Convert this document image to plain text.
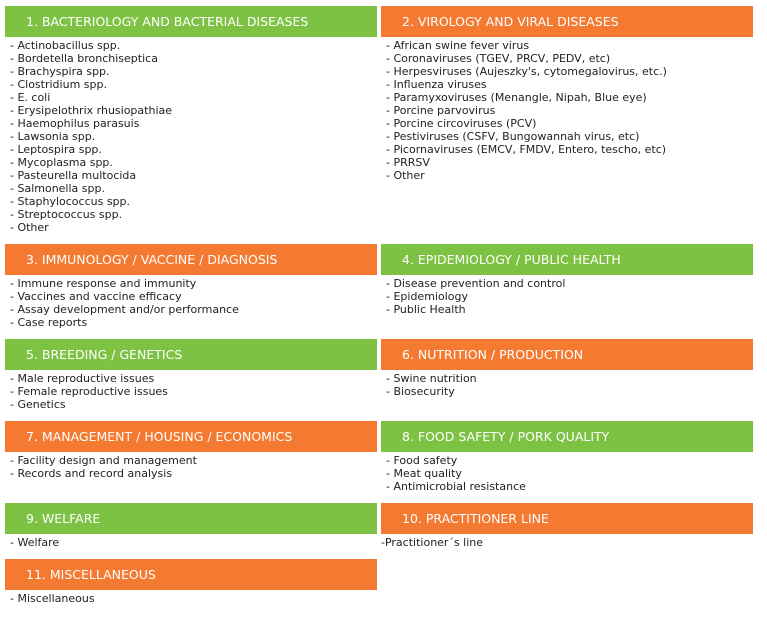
1. BACTERIOLOGY AND BACTERIAL DISEASES
- Actinobacillus spp.
- Bordetella bronchiseptica
- Brachyspira spp.
- Clostridium spp.
- E. coli
- Erysipelothrix rhusiopathiae
- Haemophilus parasuis
- Lawsonia spp.
- Leptospira spp.
- Mycoplasma spp.
- Pasteurella multocida
- Salmonella spp.
- Staphylococcus spp.
- Streptococcus spp.
- Other
2. VIROLOGY AND VIRAL DISEASES
- African swine fever virus
- Coronaviruses (TGEV, PRCV, PEDV, etc)
- Herpesviruses (Aujeszky's, cytomegalovirus, etc.)
- Influenza viruses
- Paramyxoviruses (Menangle, Nipah, Blue eye)
- Porcine parvovirus
- Porcine circoviruses (PCV)
- Pestiviruses (CSFV, Bungowannah virus, etc)
- Picornaviruses (EMCV, FMDV, Entero, tescho, etc)
- PRRSV
- Other
3. IMMUNOLOGY / VACCINE / DIAGNOSIS
- Immune response and immunity
- Vaccines and vaccine efficacy
- Assay development and/or performance
- Case reports
4. EPIDEMIOLOGY / PUBLIC HEALTH
- Disease prevention and control
- Epidemiology
- Public Health
5. BREEDING / GENETICS
- Male reproductive issues
- Female reproductive issues
- Genetics
6. NUTRITION / PRODUCTION
- Swine nutrition
- Biosecurity
7. MANAGEMENT / HOUSING / ECONOMICS
- Facility design and management
- Records and record analysis
8. FOOD SAFETY / PORK QUALITY
- Food safety
- Meat quality
- Antimicrobial resistance
9. WELFARE
- Welfare
10. PRACTITIONER LINE
-Practitioner´s line
11. MISCELLANEOUS
- Miscellaneous
